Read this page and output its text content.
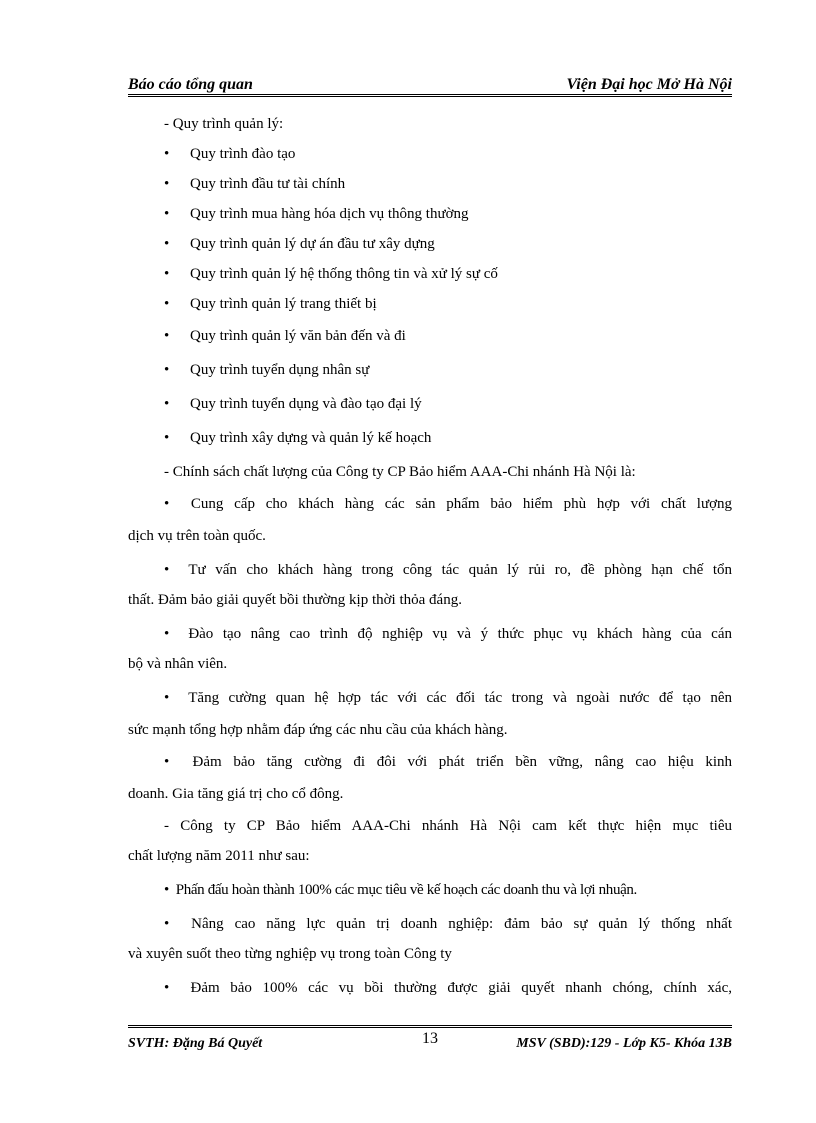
Báo cáo tổng quan	Viện Đại học Mở Hà Nội
- Quy trình quản lý:
• Quy trình đào tạo
• Quy trình đầu tư tài chính
• Quy trình mua hàng hóa dịch vụ thông thường
• Quy trình quản lý dự án đầu tư xây dựng
• Quy trình quản lý hệ thống thông tin và xử lý sự cố
• Quy trình quản lý trang thiết bị
• Quy trình quản lý văn bản đến và đi
• Quy trình tuyển dụng nhân sự
• Quy trình tuyển dụng và đào tạo đại lý
• Quy trình xây dựng và quản lý kế hoạch
- Chính sách chất lượng của Công ty CP Bảo hiểm AAA-Chi nhánh Hà Nội là:
• Cung cấp cho khách hàng các sản phẩm bảo hiểm phù hợp với chất lượng
dịch vụ trên toàn quốc.
• Tư vấn cho khách hàng trong công tác quản lý rủi ro, đề phòng hạn chế tổn
thất. Đảm bảo giải quyết bồi thường kịp thời thỏa đáng.
• Đào tạo nâng cao trình độ nghiệp vụ và ý thức phục vụ khách hàng của cán
bộ và nhân viên.
• Tăng cường quan hệ hợp tác với các đối tác trong và ngoài nước để tạo nên
sức mạnh tổng hợp nhằm đáp ứng các nhu cầu của khách hàng.
• Đảm bảo tăng cường đi đôi với phát triển bền vững, nâng cao hiệu kinh
doanh. Gia tăng giá trị cho cổ đông.
- Công ty CP Bảo hiểm AAA-Chi nhánh Hà Nội cam kết thực hiện mục tiêu
chất lượng năm 2011 như sau:
• Phấn đấu hoàn thành 100% các mục tiêu về kế hoạch các doanh thu và lợi nhuận.
• Nâng cao năng lực quản trị doanh nghiệp: đảm bảo sự quản lý thống nhất
và xuyên suốt theo từng nghiệp vụ trong toàn Công ty
• Đảm bảo 100% các vụ bồi thường được giải quyết nhanh chóng, chính xác,
SVTH: Đặng Bá Quyết	13	MSV (SBD):129 - Lớp K5- Khóa 13B
